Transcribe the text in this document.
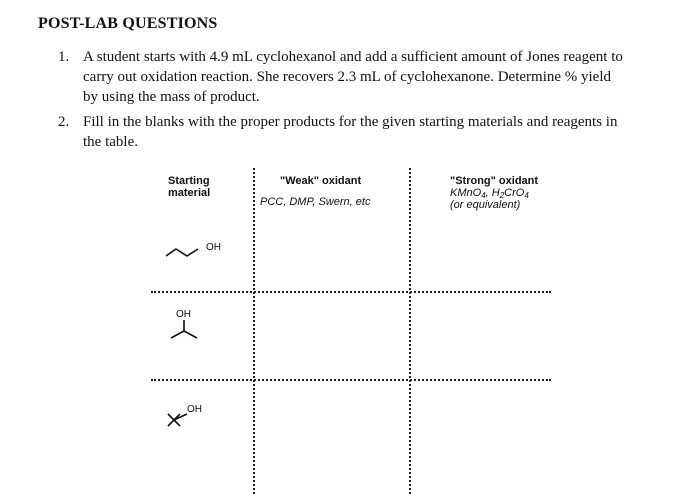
POST-LAB QUESTIONS
1. A student starts with 4.9 mL cyclohexanol and add a sufficient amount of Jones reagent to
carry out oxidation reaction. She recovers 2.3 mL of cyclohexanone. Determine % yield
by using the mass of product.
2. Fill in the blanks with the proper products for the given starting materials and reagents in
the table.
Starting
material
"Weak" oxidant
PCC, DMP, Swern, etc
"Strong" oxidant
KMnO$_4$, $H_2CrO_4$
(or equivalent)
OH
OH
OH
